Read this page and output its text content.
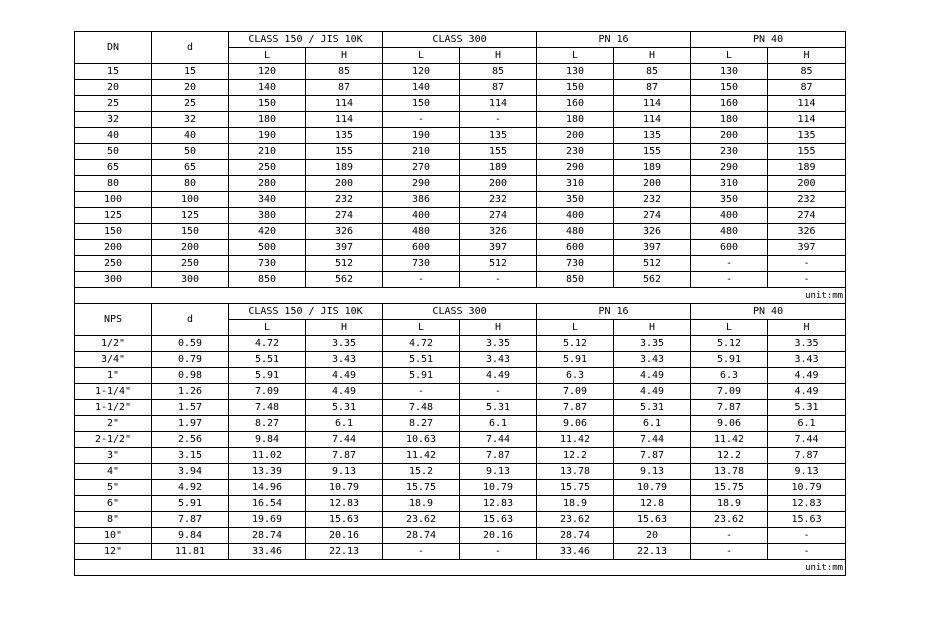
DN	d	CLASS 150 / JIS 10K		CLASS 300		PN 16		PN 40	
		L	H	L	H	L	H	L	H
15	15	120	85	120	85	130	85	130	85
20	20	140	87	140	87	150	87	150	87
25	25	150	114	150	114	160	114	160	114
32	32	180	114	-	-	180	114	180	114
40	40	190	135	190	135	200	135	200	135
50	50	210	155	210	155	230	155	230	155
65	65	250	189	270	189	290	189	290	189
80	80	280	200	290	200	310	200	310	200
100	100	340	232	386	232	350	232	350	232
125	125	380	274	400	274	400	274	400	274
150	150	420	326	480	326	480	326	480	326
200	200	500	397	600	397	600	397	600	397
250	250	730	512	730	512	730	512	-	-
300	300	850	562	-	-	850	562	-	-
unit:mm									
NPS	d	CLASS 150 / JIS 10K		CLASS 300		PN 16		PN 40	
		L	H	L	H	L	H	L	H
1/2"	0.59	4.72	3.35	4.72	3.35	5.12	3.35	5.12	3.35
3/4"	0.79	5.51	3.43	5.51	3.43	5.91	3.43	5.91	3.43
1"	0.98	5.91	4.49	5.91	4.49	6.3	4.49	6.3	4.49
1-1/4"	1.26	7.09	4.49	-	-	7.09	4.49	7.09	4.49
1-1/2"	1.57	7.48	5.31	7.48	5.31	7.87	5.31	7.87	5.31
2"	1.97	8.27	6.1	8.27	6.1	9.06	6.1	9.06	6.1
2-1/2"	2.56	9.84	7.44	10.63	7.44	11.42	7.44	11.42	7.44
3"	3.15	11.02	7.87	11.42	7.87	12.2	7.87	12.2	7.87
4"	3.94	13.39	9.13	15.2	9.13	13.78	9.13	13.78	9.13
5"	4.92	14.96	10.79	15.75	10.79	15.75	10.79	15.75	10.79
6"	5.91	16.54	12.83	18.9	12.83	18.9	12.8	18.9	12.83
8"	7.87	19.69	15.63	23.62	15.63	23.62	15.63	23.62	15.63
10"	9.84	28.74	20.16	28.74	20.16	28.74	20	-	-
12"	11.81	33.46	22.13	-	-	33.46	22.13	-	-
unit:mm									
